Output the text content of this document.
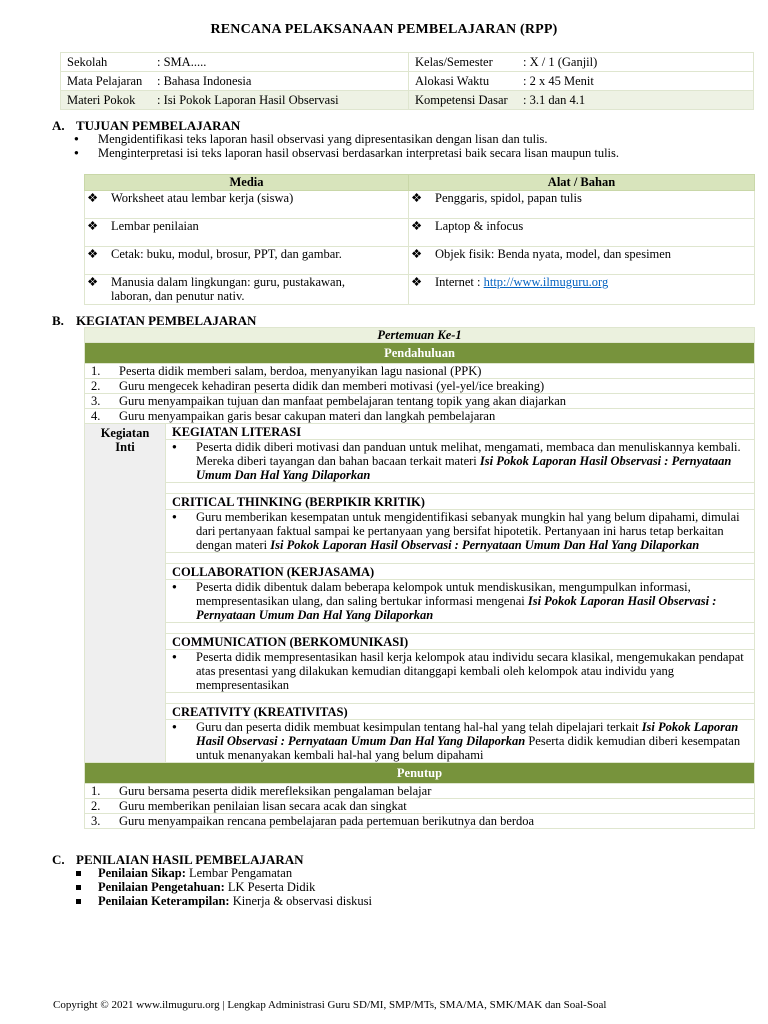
RENCANA PELAKSANAAN PEMBELAJARAN (RPP)
Sekolah : SMA.....	Kelas/Semester : X / 1 (Ganjil)
Mata Pelajaran : Bahasa Indonesia	Alokasi Waktu : 2 x 45 Menit
Materi Pokok : Isi Pokok Laporan Hasil Observasi	Kompetensi Dasar : 3.1 dan 4.1
A. TUJUAN PEMBELAJARAN
● Mengidentifikasi teks laporan hasil observasi yang dipresentasikan dengan lisan dan tulis.
● Menginterpretasi isi teks laporan hasil observasi berdasarkan interpretasi baik secara lisan maupun tulis.
Media	Alat / Bahan
❖ Worksheet atau lembar kerja (siswa)	❖ Penggaris, spidol, papan tulis
❖ Lembar penilaian	❖ Laptop & infocus
❖ Cetak: buku, modul, brosur, PPT, dan gambar.	❖ Objek fisik: Benda nyata, model, dan spesimen
❖ Manusia dalam lingkungan: guru, pustakawan, laboran, dan penutur nativ.	❖ Internet : http://www.ilmuguru.org
B. KEGIATAN PEMBELAJARAN
Pertemuan Ke-1
Pendahuluan
1. Peserta didik memberi salam, berdoa, menyanyikan lagu nasional (PPK)
2. Guru mengecek kehadiran peserta didik dan memberi motivasi (yel-yel/ice breaking)
3. Guru menyampaikan tujuan dan manfaat pembelajaran tentang topik yang akan diajarkan
4. Guru menyampaikan garis besar cakupan materi dan langkah pembelajaran
Kegiatan
Inti	KEGIATAN LITERASI

● Peserta didik diberi motivasi dan panduan untuk melihat, mengamati, membaca dan menuliskannya kembali. Mereka diberi tayangan dan bahan bacaan terkait materi Isi Pokok Laporan Hasil Observasi : Pernyataan Umum Dan Hal Yang Dilaporkan

CRITICAL THINKING (BERPIKIR KRITIK)

● Guru memberikan kesempatan untuk mengidentifikasi sebanyak mungkin hal yang belum dipahami, dimulai dari pertanyaan faktual sampai ke pertanyaan yang bersifat hipotetik. Pertanyaan ini harus tetap berkaitan dengan materi Isi Pokok Laporan Hasil Observasi : Pernyataan Umum Dan Hal Yang Dilaporkan

COLLABORATION (KERJASAMA)

● Peserta didik dibentuk dalam beberapa kelompok untuk mendiskusikan, mengumpulkan informasi, mempresentasikan ulang, dan saling bertukar informasi mengenai Isi Pokok Laporan Hasil Observasi : Pernyataan Umum Dan Hal Yang Dilaporkan

COMMUNICATION (BERKOMUNIKASI)

● Peserta didik mempresentasikan hasil kerja kelompok atau individu secara klasikal, mengemukakan pendapat atas presentasi yang dilakukan kemudian ditanggapi kembali oleh kelompok atau individu yang mempresentasikan

CREATIVITY (KREATIVITAS)

● Guru dan peserta didik membuat kesimpulan tentang hal-hal yang telah dipelajari terkait Isi Pokok Laporan Hasil Observasi : Pernyataan Umum Dan Hal Yang Dilaporkan Peserta didik kemudian diberi kesempatan untuk menanyakan kembali hal-hal yang belum dipahami

Penutup
1. Guru bersama peserta didik merefleksikan pengalaman belajar
2. Guru memberikan penilaian lisan secara acak dan singkat
3. Guru menyampaikan rencana pembelajaran pada pertemuan berikutnya dan berdoa
C. PENILAIAN HASIL PEMBELAJARAN
Penilaian Sikap: Lembar Pengamatan
Penilaian Pengetahuan: LK Peserta Didik
Penilaian Keterampilan: Kinerja & observasi diskusi
Copyright © 2021 www.ilmuguru.org | Lengkap Administrasi Guru SD/MI, SMP/MTs, SMA/MA, SMK/MAK dan Soal-Soal
